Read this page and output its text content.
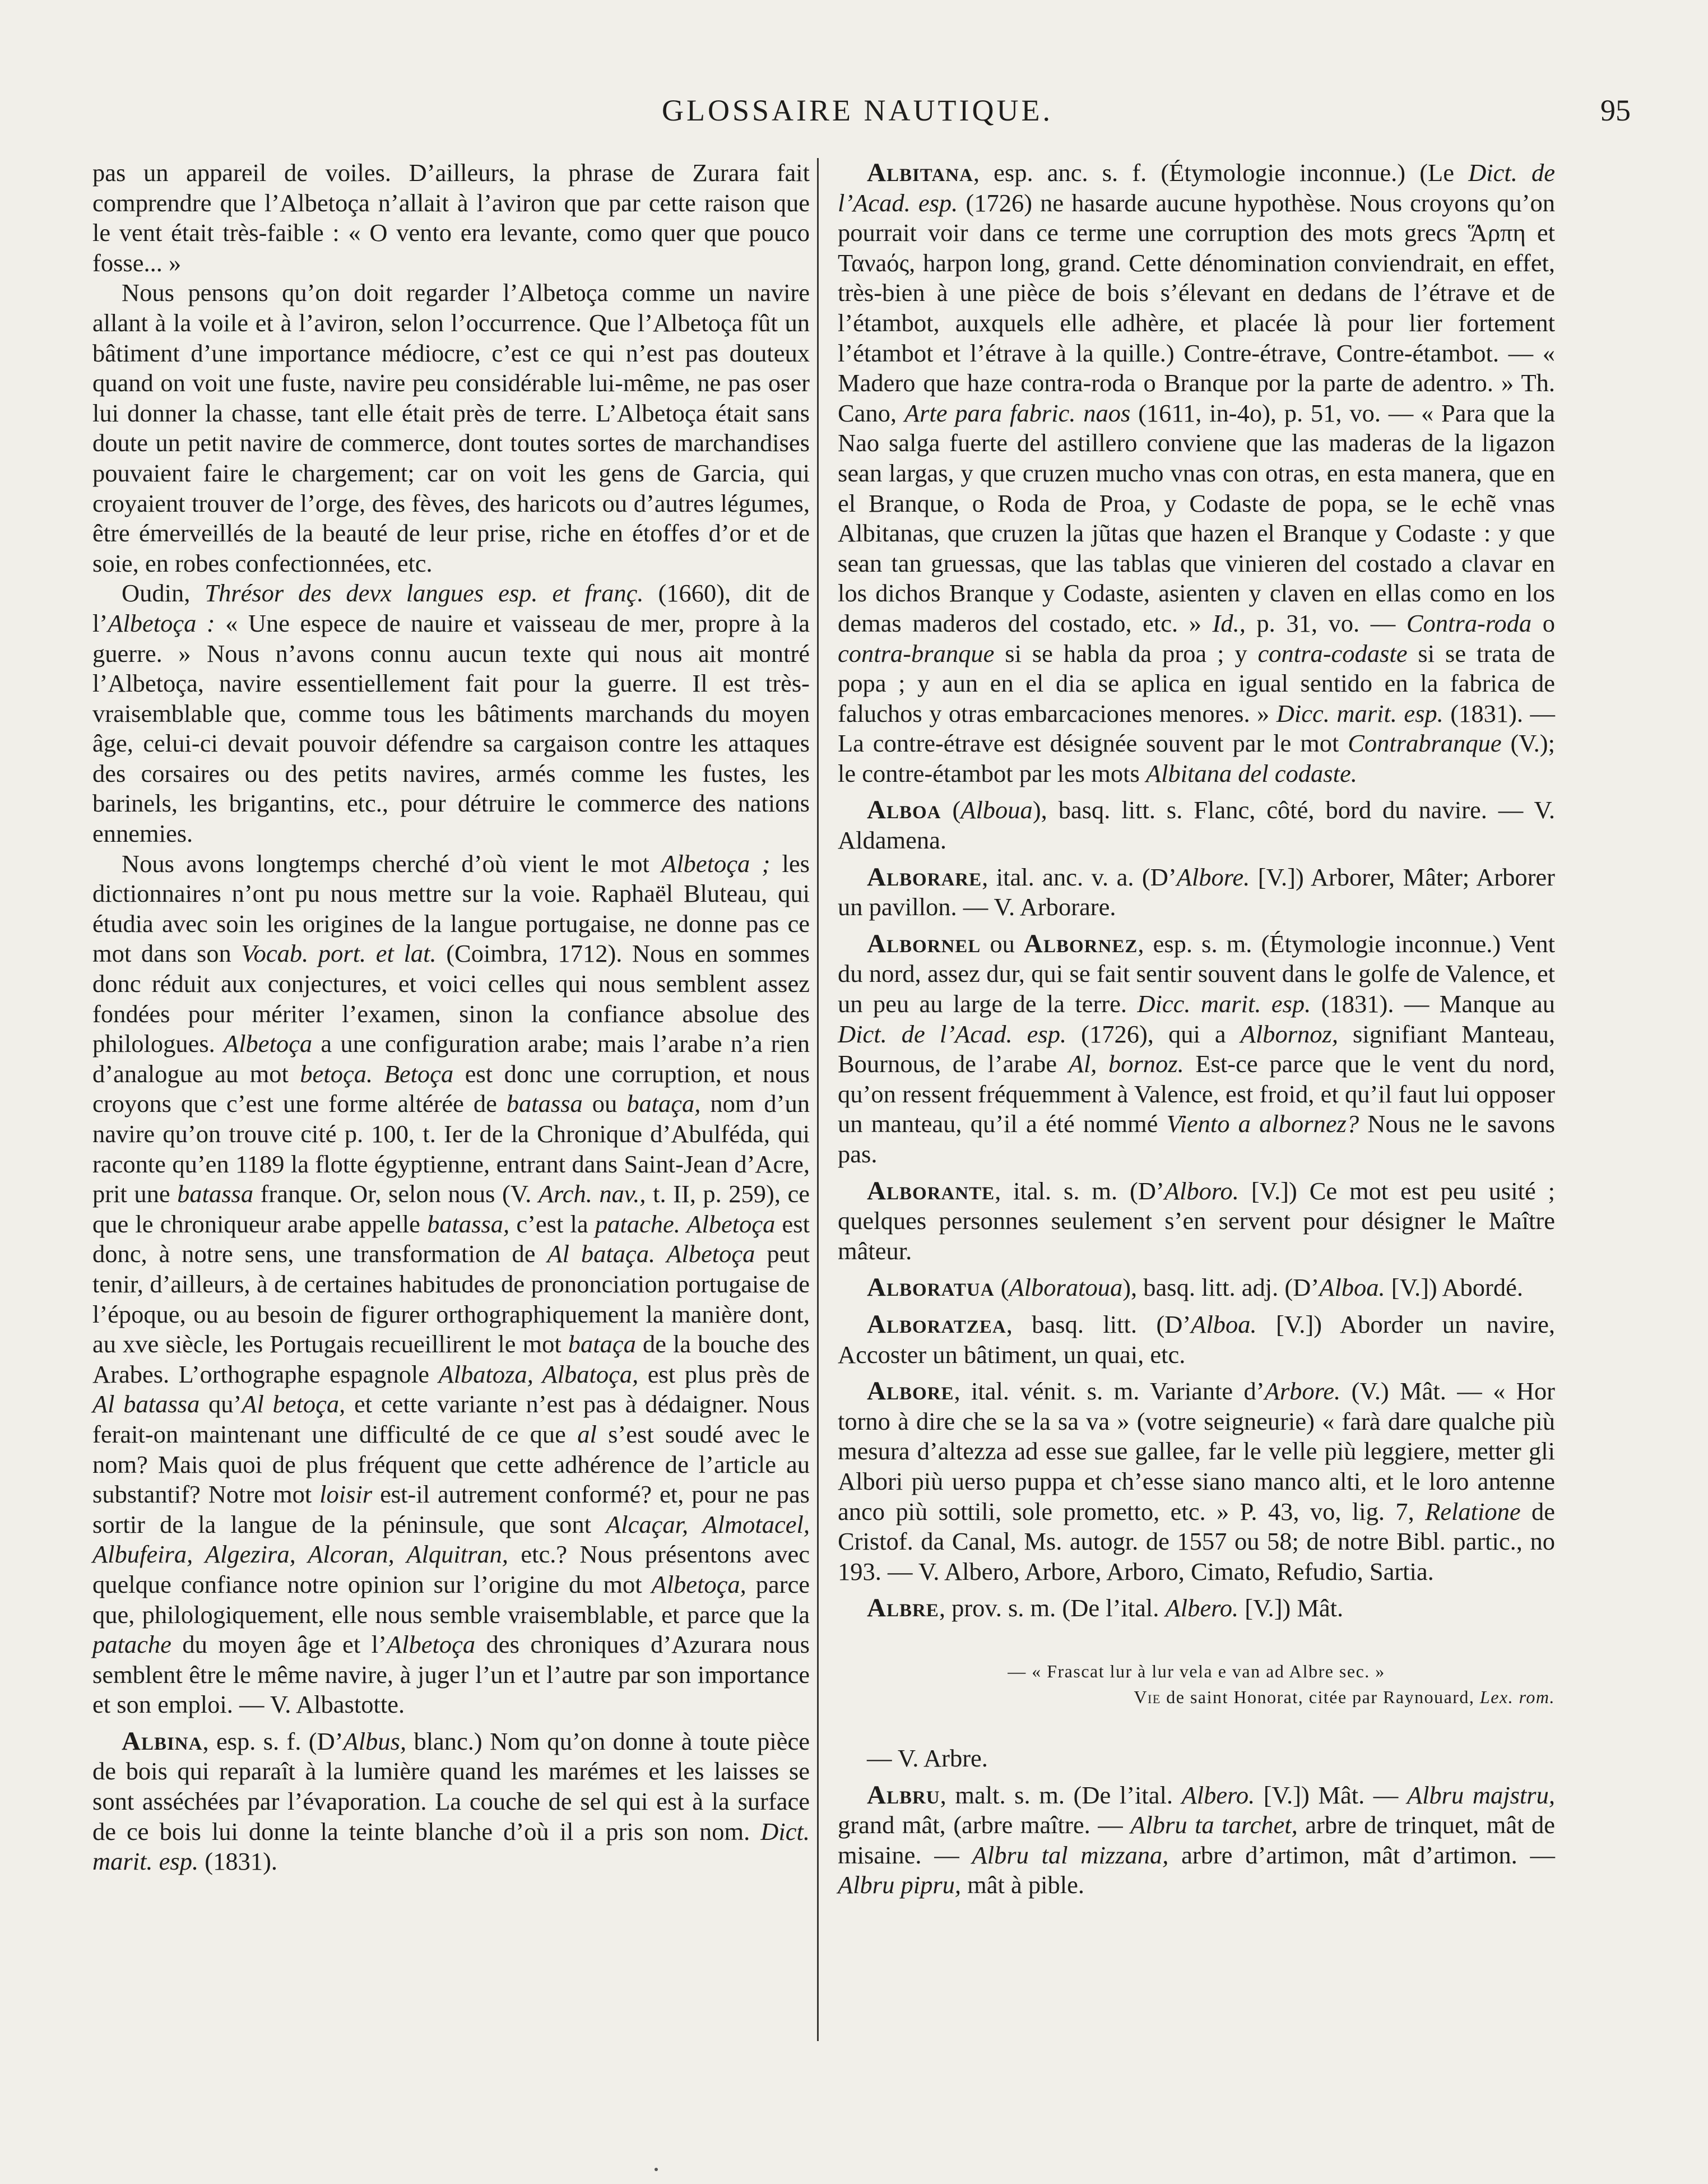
GLOSSAIRE NAUTIQUE.	95

pas un appareil de voiles. D’ailleurs, la phrase de Zurara fait comprendre que l’Albetoça n’allait à l’aviron que par cette raison que le vent était très-faible : « O vento era levante, como quer que pouco fosse... »

Nous pensons qu’on doit regarder l’Albetoça comme un navire allant à la voile et à l’aviron, selon l’occurrence. Que l’Albetoça fût un bâtiment d’une importance médiocre, c’est ce qui n’est pas douteux quand on voit une fuste, navire peu considérable lui-même, ne pas oser lui donner la chasse, tant elle était près de terre. L’Albetoça était sans doute un petit navire de commerce, dont toutes sortes de marchandises pouvaient faire le chargement; car on voit les gens de Garcia, qui croyaient trouver de l’orge, des fèves, des haricots ou d’autres légumes, être émerveillés de la beauté de leur prise, riche en étoffes d’or et de soie, en robes confectionnées, etc.

Oudin, Thrésor des devx langues esp. et franç. (1660), dit de l’Albetoça : « Une espece de nauire et vaisseau de mer, propre à la guerre. » Nous n’avons connu aucun texte qui nous ait montré l’Albetoça, navire essentiellement fait pour la guerre. Il est très-vraisemblable que, comme tous les bâtiments marchands du moyen âge, celui-ci devait pouvoir défendre sa cargaison contre les attaques des corsaires ou des petits navires, armés comme les fustes, les barinels, les brigantins, etc., pour détruire le commerce des nations ennemies.

Nous avons longtemps cherché d’où vient le mot Albetoça ; les dictionnaires n’ont pu nous mettre sur la voie. Raphaël Bluteau, qui étudia avec soin les origines de la langue portugaise, ne donne pas ce mot dans son Vocab. port. et lat. (Coimbra, 1712). Nous en sommes donc réduit aux conjectures, et voici celles qui nous semblent assez fondées pour mériter l’examen, sinon la confiance absolue des philologues. Albetoça a une configuration arabe; mais l’arabe n’a rien d’analogue au mot betoça. Betoça est donc une corruption, et nous croyons que c’est une forme altérée de batassa ou bataça, nom d’un navire qu’on trouve cité p. 100, t. Ier de la Chronique d’Abulféda, qui raconte qu’en 1189 la flotte égyptienne, entrant dans Saint-Jean d’Acre, prit une batassa franque. Or, selon nous (V. Arch. nav., t. II, p. 259), ce que le chroniqueur arabe appelle batassa, c’est la patache. Albetoça est donc, à notre sens, une transformation de Al bataça. Albetoça peut tenir, d’ailleurs, à de certaines habitudes de prononciation portugaise de l’époque, ou au besoin de figurer orthographiquement la manière dont, au xve siècle, les Portugais recueillirent le mot bataça de la bouche des Arabes. L’orthographe espagnole Albatoza, Albatoça, est plus près de Al batassa qu’Al betoça, et cette variante n’est pas à dédaigner. Nous ferait-on maintenant une difficulté de ce que al s’est soudé avec le nom? Mais quoi de plus fréquent que cette adhérence de l’article au substantif? Notre mot loisir est-il autrement conformé? et, pour ne pas sortir de la langue de la péninsule, que sont Alcaçar, Almotacel, Albufeira, Algezira, Alcoran, Alquitran, etc.? Nous présentons avec quelque confiance notre opinion sur l’origine du mot Albetoça, parce que, philologiquement, elle nous semble vraisemblable, et parce que la patache du moyen âge et l’Albetoça des chroniques d’Azurara nous semblent être le même navire, à juger l’un et l’autre par son importance et son emploi. — V. Albastotte.

Albina, esp. s. f. (D’Albus, blanc.) Nom qu’on donne à toute pièce de bois qui reparaît à la lumière quand les marémes et les laisses se sont asséchées par l’évaporation. La couche de sel qui est à la surface de ce bois lui donne la teinte blanche d’où il a pris son nom. Dict. marit. esp. (1831).

Albitana, esp. anc. s. f. (Étymologie inconnue.) (Le Dict. de l’Acad. esp. (1726) ne hasarde aucune hypothèse. Nous croyons qu’on pourrait voir dans ce terme une corruption des mots grecs Ἅρπη et Τανaός, harpon long, grand. Cette dénomination conviendrait, en effet, très-bien à une pièce de bois s’élevant en dedans de l’étrave et de l’étambot, auxquels elle adhère, et placée là pour lier fortement l’étambot et l’étrave à la quille.) Contre-étrave, Contre-étambot. — « Madero que haze contra-roda o Branque por la parte de adentro. » Th. Cano, Arte para fabric. naos (1611, in-4o), p. 51, vo. — « Para que la Nao salga fuerte del astillero conviene que las maderas de la ligazon sean largas, y que cruzen mucho vnas con otras, en esta manera, que en el Branque, o Roda de Proa, y Codaste de popa, se le echẽ vnas Albitanas, que cruzen la jũtas que hazen el Branque y Codaste : y que sean tan gruessas, que las tablas que vinieren del costado a clavar en los dichos Branque y Codaste, asienten y claven en ellas como en los demas maderos del costado, etc. » Id., p. 31, vo. — Contra-roda o contra-branque si se habla da proa ; y contra-codaste si se trata de popa ; y aun en el dia se aplica en igual sentido en la fabrica de faluchos y otras embarcaciones menores. » Dicc. marit. esp. (1831). — La contre-étrave est désignée souvent par le mot Contrabranque (V.); le contre-étambot par les mots Albitana del codaste.

Alboa (Alboua), basq. litt. s. Flanc, côté, bord du navire. — V. Aldamena.

Alborare, ital. anc. v. a. (D’Albore. [V.]) Arborer, Mâter; Arborer un pavillon. — V. Arborare.

Albornel ou Albornez, esp. s. m. (Étymologie inconnue.) Vent du nord, assez dur, qui se fait sentir souvent dans le golfe de Valence, et un peu au large de la terre. Dicc. marit. esp. (1831). — Manque au Dict. de l’Acad. esp. (1726), qui a Albornoz, signifiant Manteau, Bournous, de l’arabe Al, bornoz. Est-ce parce que le vent du nord, qu’on ressent fréquemment à Valence, est froid, et qu’il faut lui opposer un manteau, qu’il a été nommé Viento a albornez? Nous ne le savons pas.

Alborante, ital. s. m. (D’Alboro. [V.]) Ce mot est peu usité ; quelques personnes seulement s’en servent pour désigner le Maître mâteur.

Alboratua (Alboratoua), basq. litt. adj. (D’Alboa. [V.]) Abordé.

Alboratzea, basq. litt. (D’Alboa. [V.]) Aborder un navire, Accoster un bâtiment, un quai, etc.

Albore, ital. vénit. s. m. Variante d’Arbore. (V.) Mât. — « Hor torno à dire che se la sa va » (votre seigneurie) « farà dare qualche più mesura d’altezza ad esse sue gallee, far le velle più leggiere, metter gli Albori più uerso puppa et ch’esse siano manco alti, et le loro antenne anco più sottili, sole prometto, etc. » P. 43, vo, lig. 7, Relatione de Cristof. da Canal, Ms. autogr. de 1557 ou 58; de notre Bibl. partic., no 193. — V. Albero, Arbore, Arboro, Cimato, Refudio, Sartia.

Albre, prov. s. m. (De l’ital. Albero. [V.]) Mât.

— « Frascat lur à lur vela e van ad Albre sec. »

Vie de saint Honorat, citée par Raynouard, Lex. rom.

— V. Arbre.

Albru, malt. s. m. (De l’ital. Albero. [V.]) Mât. — Albru majstru, grand mât, (arbre maître. — Albru ta tarchet, arbre de trinquet, mât de misaine. — Albru tal mizzana, arbre d’artimon, mât d’artimon. — Albru pipru, mât à pible.
